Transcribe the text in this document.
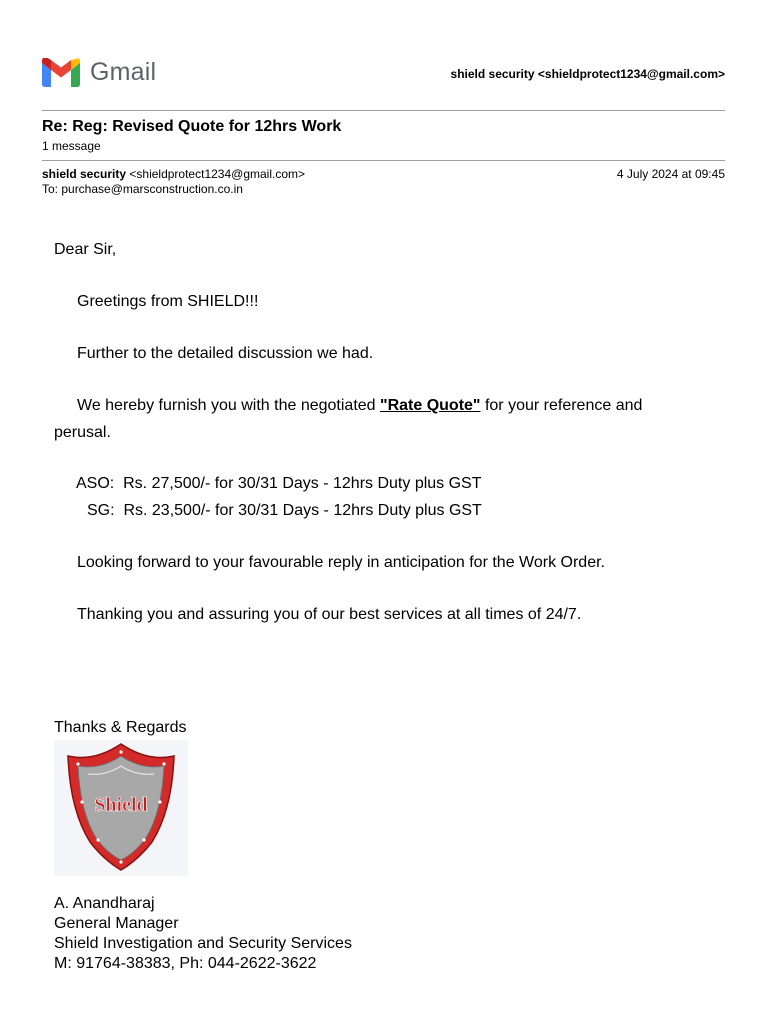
Gmail	shield security <shieldprotect1234@gmail.com>
Re: Reg: Revised Quote for 12hrs Work
1 message
shield security <shieldprotect1234@gmail.com>
To: purchase@marsconstruction.co.in
4 July 2024 at 09:45
Dear Sir,
Greetings from SHIELD!!!
Further to the detailed discussion we had.
We hereby furnish you with the negotiated "Rate Quote" for your reference and
perusal.
ASO: Rs. 27,500/- for 30/31 Days - 12hrs Duty plus GST
SG: Rs. 23,500/- for 30/31 Days - 12hrs Duty plus GST
Looking forward to your favourable reply in anticipation for the Work Order.
Thanking you and assuring you of our best services at all times of 24/7.
Thanks & Regards
Shield
A. Anandharaj
General Manager
Shield Investigation and Security Services
M: 91764-38383, Ph: 044-2622-3622
